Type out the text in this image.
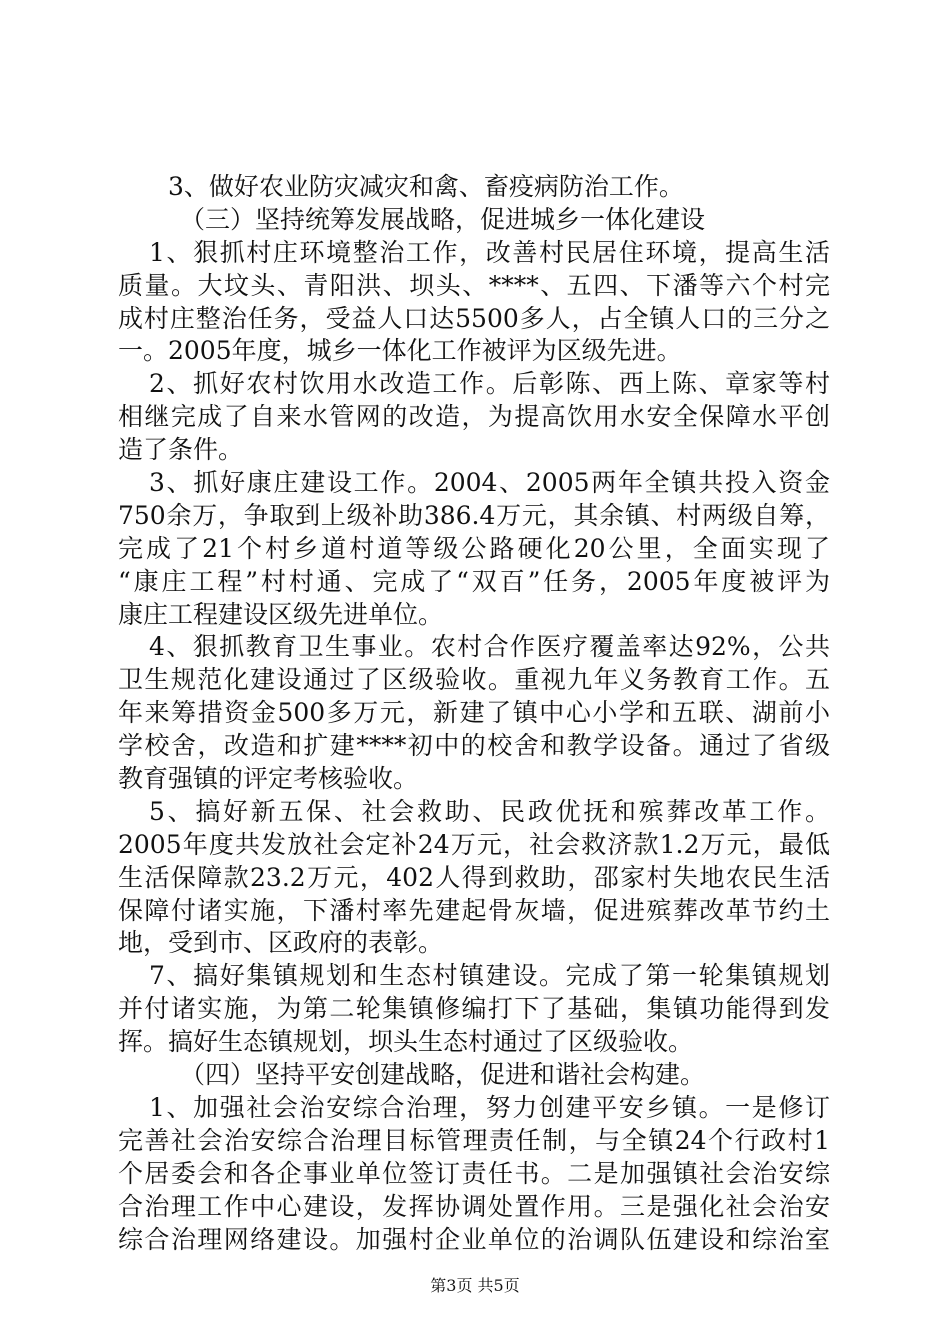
3、做好农业防灾减灾和禽、畜疫病防治工作。
（三）坚持统筹发展战略，促进城乡一体化建设
1、狠抓村庄环境整治工作，改善村民居住环境，提高生活
质量。大坟头、青阳洪、坝头、****、五四、下潘等六个村完
成村庄整治任务，受益人口达5500多人，占全镇人口的三分之
一。2005年度，城乡一体化工作被评为区级先进。
2、抓好农村饮用水改造工作。后彰陈、西上陈、章家等村
相继完成了自来水管网的改造，为提高饮用水安全保障水平创
造了条件。
3、抓好康庄建设工作。2004、2005两年全镇共投入资金
750余万，争取到上级补助386.4万元，其余镇、村两级自筹，
完成了21个村乡道村道等级公路硬化20公里，全面实现了
“康庄工程”村村通、完成了“双百”任务，2005年度被评为
康庄工程建设区级先进单位。
4、狠抓教育卫生事业。农村合作医疗覆盖率达92%，公共
卫生规范化建设通过了区级验收。重视九年义务教育工作。五
年来筹措资金500多万元，新建了镇中心小学和五联、湖前小
学校舍，改造和扩建****初中的校舍和教学设备。通过了省级
教育强镇的评定考核验收。
5、搞好新五保、社会救助、民政优抚和殡葬改革工作。
2005年度共发放社会定补24万元，社会救济款1.2万元，最低
生活保障款23.2万元，402人得到救助，邵家村失地农民生活
保障付诸实施，下潘村率先建起骨灰墙，促进殡葬改革节约土
地，受到市、区政府的表彰。
7、搞好集镇规划和生态村镇建设。完成了第一轮集镇规划
并付诸实施，为第二轮集镇修编打下了基础，集镇功能得到发
挥。搞好生态镇规划，坝头生态村通过了区级验收。
（四）坚持平安创建战略，促进和谐社会构建。
1、加强社会治安综合治理，努力创建平安乡镇。一是修订
完善社会治安综合治理目标管理责任制，与全镇24个行政村1
个居委会和各企事业单位签订责任书。二是加强镇社会治安综
合治理工作中心建设，发挥协调处置作用。三是强化社会治安
综合治理网络建设。加强村企业单位的治调队伍建设和综治室
第3页 共5页
